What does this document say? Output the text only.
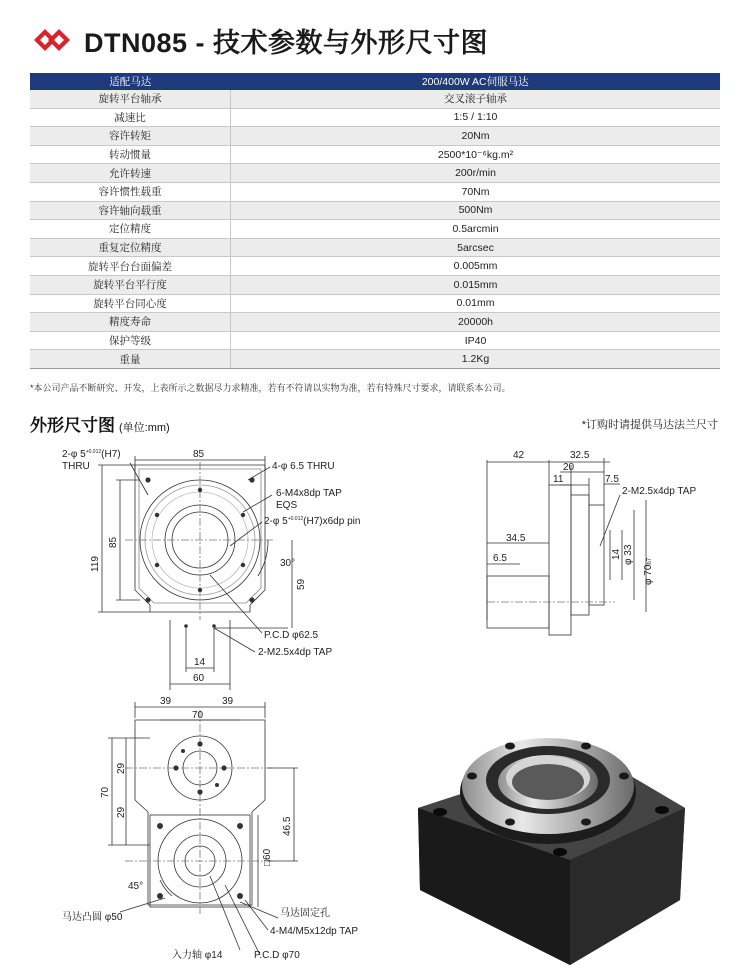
DTN085 - 技术参数与外形尺寸图
适配马达	200/400W AC伺服马达
旋转平台轴承	交叉滚子轴承
减速比	1:5 / 1:10
容许转矩	20Nm
转动惯量	2500*10⁻⁶kg.m²
允许转速	200r/min
容许惯性载重	70Nm
容许轴向载重	500Nm
定位精度	0.5arcmin
重复定位精度	5arcsec
旋转平台台面偏差	0.005mm
旋转平台平行度	0.015mm
旋转平台同心度	0.01mm
精度寿命	20000h
保护等级	IP40
重量	1.2Kg
*本公司产品不断研究、开发，上表所示之数据尽力求精准，若有不符请以实物为准，若有特殊尺寸要求，请联系本公司。
外形尺寸图 (单位:mm)	*订购时请提供马达法兰尺寸
2-φ $5^{+0.012}(H7)$
THRU
85
4-φ 6.5 THRU
6-M4x8dp TAP
EQS
2-φ $5^{+0.012}(H7)x6dp$ pin
119
85
30°
59
P.C.D φ62.5
2-M2.5x4dp TAP
14
60
42	32.5
20
11	7.5
2-M2.5x4dp TAP
34.5
6.5	14 φ 33
φ 70h7
39	39
70
29
70
29
46.5
□60
45°
马达凸圆 φ50	马达固定孔
4-M4/M5x12dp TAP
入力轴 φ14	P.C.D φ70
